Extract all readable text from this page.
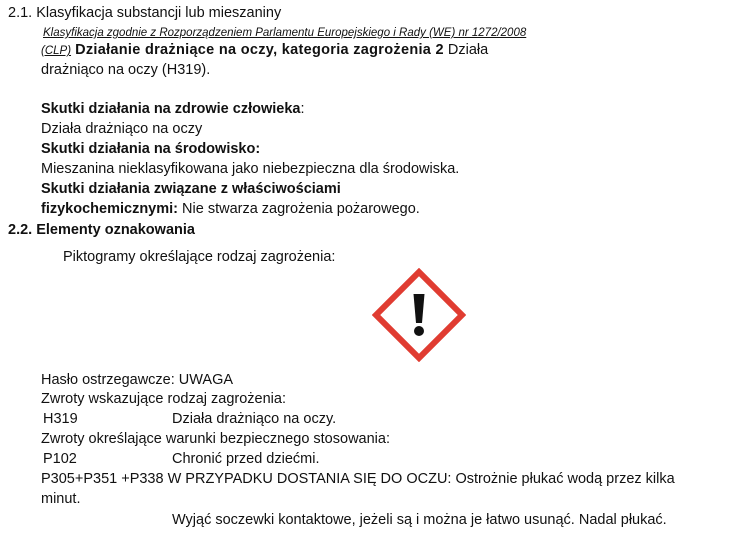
2.1. Klasyfikacja substancji lub mieszaniny
Klasyfikacja zgodnie z Rozporządzeniem Parlamentu Europejskiego i Rady (WE) nr 1272/2008
(CLP) Działanie drażniące na oczy, kategoria zagrożenia 2 Działa
drażniąco na oczy (H319).
Skutki działania na zdrowie człowieka:
Działa drażniąco na oczy
Skutki działania na środowisko:
Mieszanina nieklasyfikowana jako niebezpieczna dla środowiska.
Skutki działania związane z właściwościami
fizykochemicznymi: Nie stwarza zagrożenia pożarowego.
2.2. Elementy oznakowania
Piktogramy określające rodzaj zagrożenia:
Hasło ostrzegawcze: UWAGA
Zwroty wskazujące rodzaj zagrożenia:
H319	Działa drażniąco na oczy.
Zwroty określające warunki bezpiecznego stosowania:
P102	Chronić przed dziećmi.
P305+P351 +P338 W PRZYPADKU DOSTANIA SIĘ DO OCZU: Ostrożnie płukać wodą przez kilka
minut.
Wyjąć soczewki kontaktowe, jeżeli są i można je łatwo usunąć. Nadal płukać.
